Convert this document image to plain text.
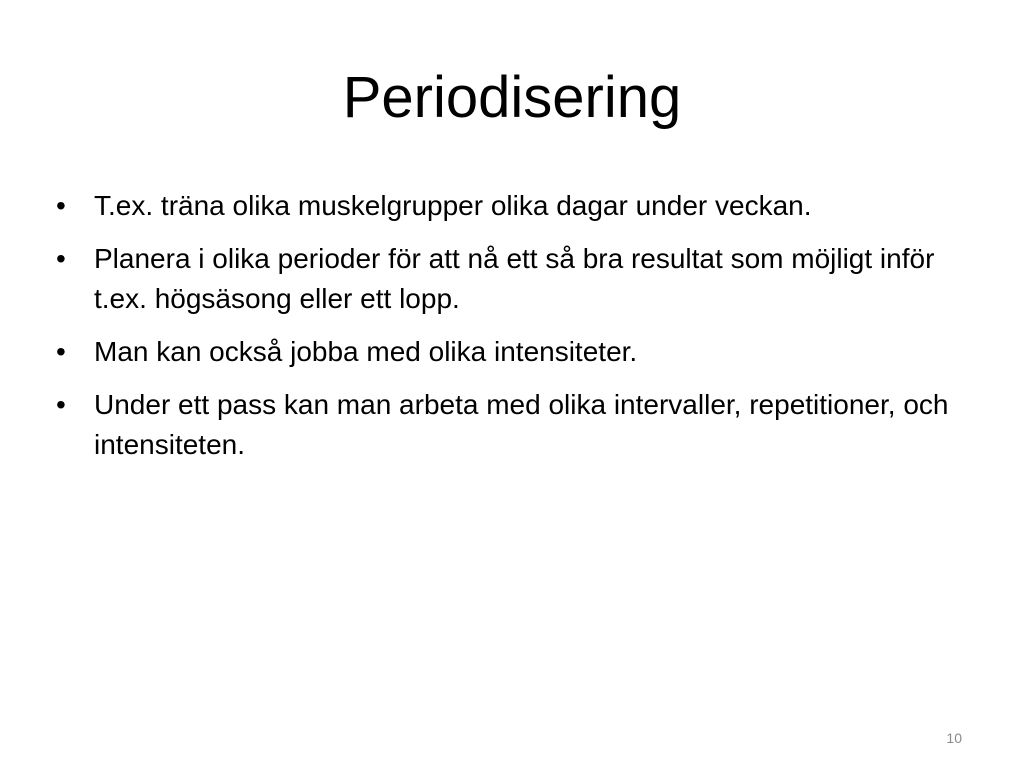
Periodisering
•	T.ex. träna olika muskelgrupper olika dagar under veckan.
•	Planera i olika perioder för att nå ett så bra resultat som möjligt inför t.ex. högsäsong eller ett lopp.
•	Man kan också jobba med olika intensiteter.
•	Under ett pass kan man arbeta med olika intervaller, repetitioner, och intensiteten.
10
